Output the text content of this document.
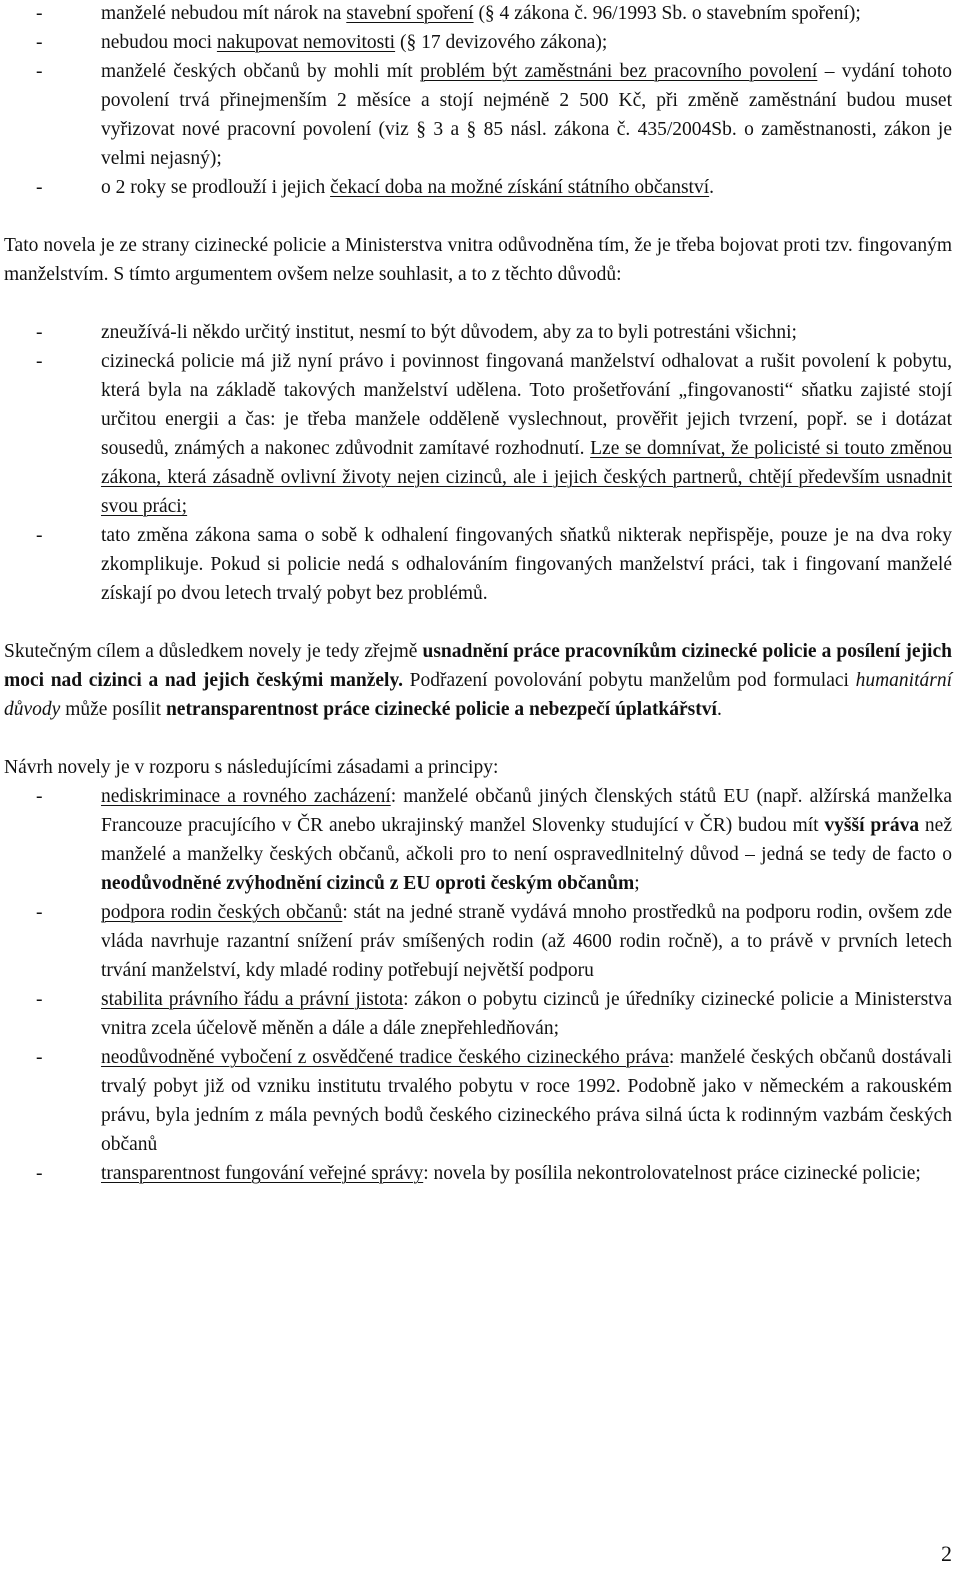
- manželé nebudou mít nárok na stavební spoření (§ 4 zákona č. 96/1993 Sb. o stavebním spoření);
- nebudou moci nakupovat nemovitosti (§ 17 devizového zákona);
- manželé českých občanů by mohli mít problém být zaměstnáni bez pracovního povolení – vydání tohoto povolení trvá přinejmenším 2 měsíce a stojí nejméně 2 500 Kč, při změně zaměstnání budou muset vyřizovat nové pracovní povolení (viz § 3 a § 85 násl. zákona č. 435/2004Sb. o zaměstnanosti, zákon je velmi nejasný);
- o 2 roky se prodlouží i jejich čekací doba na možné získání státního občanství.

Tato novela je ze strany cizinecké policie a Ministerstva vnitra odůvodněna tím, že je třeba bojovat proti tzv. fingovaným manželstvím. S tímto argumentem ovšem nelze souhlasit, a to z těchto důvodů:

- zneužívá-li někdo určitý institut, nesmí to být důvodem, aby za to byli potrestáni všichni;
- cizinecká policie má již nyní právo i povinnost fingovaná manželství odhalovat a rušit povolení k pobytu, která byla na základě takových manželství udělena. Toto prošetřování „fingovanosti“ sňatku zajisté stojí určitou energii a čas: je třeba manžele odděleně vyslechnout, prověřit jejich tvrzení, popř. se i dotázat sousedů, známých a nakonec zdůvodnit zamítavé rozhodnutí. Lze se domnívat, že policisté si touto změnou zákona, která zásadně ovlivní životy nejen cizinců, ale i jejich českých partnerů, chtějí především usnadnit svou práci;
- tato změna zákona sama o sobě k odhalení fingovaných sňatků nikterak nepřispěje, pouze je na dva roky zkomplikuje. Pokud si policie nedá s odhalováním fingovaných manželství práci, tak i fingovaní manželé získají po dvou letech trvalý pobyt bez problémů.

Skutečným cílem a důsledkem novely je tedy zřejmě usnadnění práce pracovníkům cizinecké policie a posílení jejich moci nad cizinci a nad jejich českými manžely. Podřazení povolování pobytu manželům pod formulaci humanitární důvody může posílit netransparentnost práce cizinecké policie a nebezpečí úplatkářství.

Návrh novely je v rozporu s následujícími zásadami a principy:

- nediskriminace a rovného zacházení: manželé občanů jiných členských států EU (např. alžírská manželka Francouze pracujícího v ČR anebo ukrajinský manžel Slovenky studující v ČR) budou mít vyšší práva než manželé a manželky českých občanů, ačkoli pro to není ospravedlnitelný důvod – jedná se tedy de facto o neodůvodněné zvýhodnění cizinců z EU oproti českým občanům;
- podpora rodin českých občanů: stát na jedné straně vydává mnoho prostředků na podporu rodin, ovšem zde vláda navrhuje razantní snížení práv smíšených rodin (až 4600 rodin ročně), a to právě v prvních letech trvání manželství, kdy mladé rodiny potřebují největší podporu
- stabilita právního řádu a právní jistota: zákon o pobytu cizinců je úředníky cizinecké policie a Ministerstva vnitra zcela účelově měněn a dále a dále znepřehledňován;
- neodůvodněné vybočení z osvědčené tradice českého cizineckého práva: manželé českých občanů dostávali trvalý pobyt již od vzniku institutu trvalého pobytu v roce 1992. Podobně jako v německém a rakouském právu, byla jedním z mála pevných bodů českého cizineckého práva silná úcta k rodinným vazbám českých občanů
- transparentnost fungování veřejné správy: novela by posílila nekontrolovatelnost práce cizinecké policie;
2
